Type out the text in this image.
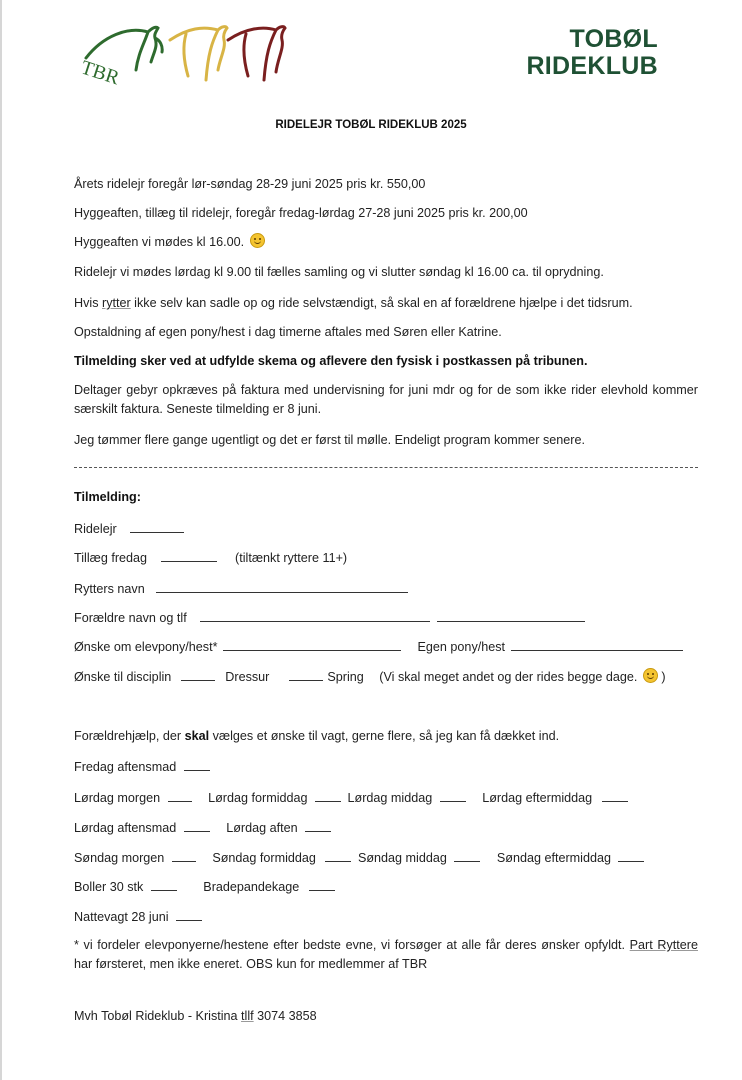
TBR
TOBØL
RIDEKLUB
RIDELEJR TOBØL RIDEKLUB 2025
Årets ridelejr foregår lør-søndag 28-29 juni 2025 pris kr. 550,00
Hyggeaften, tillæg til ridelejr, foregår fredag-lørdag 27-28 juni 2025 pris kr. 200,00
Hyggeaften vi mødes kl 16.00.
Ridelejr vi mødes lørdag kl 9.00 til fælles samling og vi slutter søndag kl 16.00 ca. til oprydning.
Hvis rytter ikke selv kan sadle op og ride selvstændigt, så skal en af forældrene hjælpe i det tidsrum.
Opstaldning af egen pony/hest i dag timerne aftales med Søren eller Katrine.
Tilmelding sker ved at udfylde skema og aflevere den fysisk i postkassen på tribunen.
Deltager gebyr opkræves på faktura med undervisning for juni mdr og for de som ikke rider elevhold kommer særskilt faktura. Seneste tilmelding er 8 juni.
Jeg tømmer flere gange ugentligt og det er først til mølle. Endeligt program kommer senere.
Tilmelding:
Ridelejr
Tillæg fredag	(tiltænkt ryttere 11+)
Rytters navn
Forældre navn og tlf
Ønske om elevpony/hest*	Egen pony/hest
Ønske til disciplin	Dressur	Spring (Vi skal meget andet og der rides begge dage. )
Forældrehjælp, der skal vælges et ønske til vagt, gerne flere, så jeg kan få dækket ind.
Fredag aftensmad
Lørdag morgen	Lørdag formiddag	Lørdag middag	Lørdag eftermiddag
Lørdag aftensmad	Lørdag aften
Søndag morgen	Søndag formiddag	Søndag middag	Søndag eftermiddag
Boller 30 stk	Bradepandekage
Nattevagt 28 juni
* vi fordeler elevponyerne/hestene efter bedste evne, vi forsøger at alle får deres ønsker opfyldt. Part Ryttere har førsteret, men ikke eneret. OBS kun for medlemmer af TBR
Mvh Tobøl Rideklub - Kristina tllf 3074 3858
